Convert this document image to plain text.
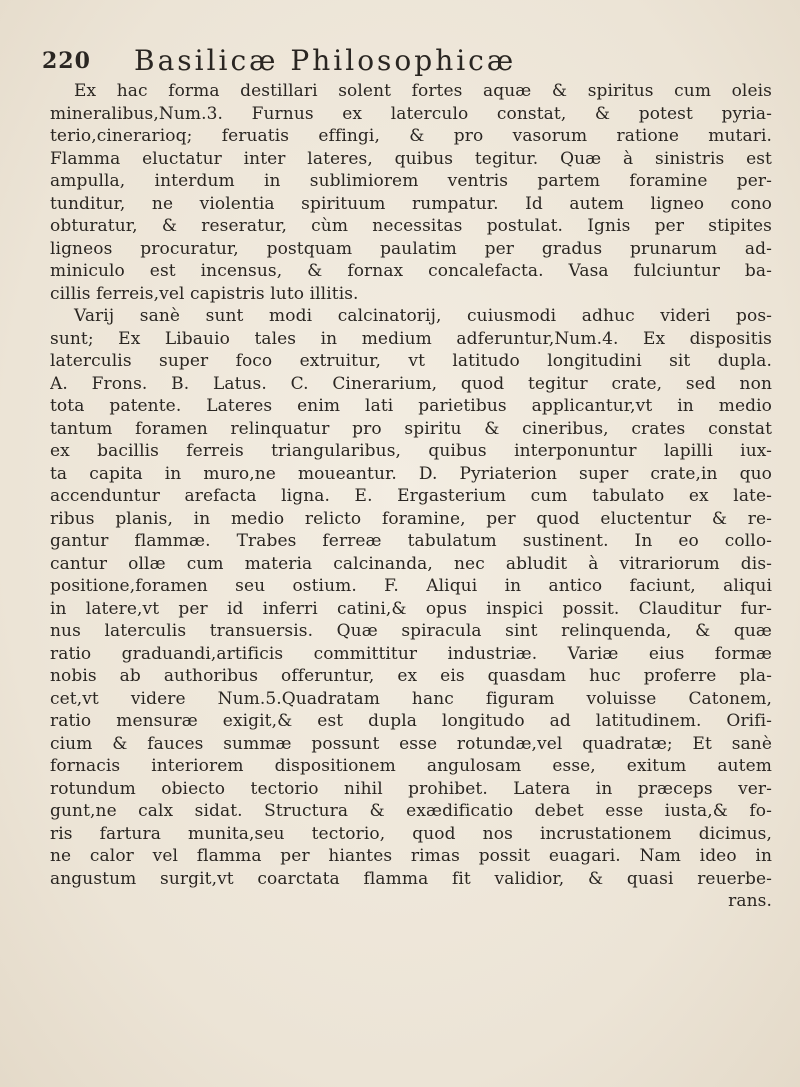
220 Basilicæ Philosophicæ
Ex hac forma destillari solent fortes aquæ & spiritus cum oleis
mineralibus,Num.3. Furnus ex laterculo constat, & potest pyria-
terio,cinerarioq; feruatis effingi, & pro vasorum ratione mutari.
Flamma eluctatur inter lateres, quibus tegitur. Quæ à sinistris est
ampulla, interdum in sublimiorem ventris partem foramine per-
tunditur, ne violentia spirituum rumpatur. Id autem ligneo cono
obturatur, & reseratur, cùm necessitas postulat. Ignis per stipites
ligneos procuratur, postquam paulatim per gradus prunarum ad-
miniculo est incensus, & fornax concalefacta. Vasa fulciuntur ba-
cillis ferreis,vel capistris luto illitis.
Varij sanè sunt modi calcinatorij, cuiusmodi adhuc videri pos-
sunt; Ex Libauio tales in medium adferuntur,Num.4. Ex dispositis
laterculis super foco extruitur, vt latitudo longitudini sit dupla.
A. Frons. B. Latus. C. Cinerarium, quod tegitur crate, sed non
tota patente. Lateres enim lati parietibus applicantur,vt in medio
tantum foramen relinquatur pro spiritu & cineribus, crates constat
ex bacillis ferreis triangularibus, quibus interponuntur lapilli iux-
ta capita in muro,ne moueantur. D. Pyriaterion super crate,in quo
accenduntur arefacta ligna. E. Ergasterium cum tabulato ex late-
ribus planis, in medio relicto foramine, per quod eluctentur & re-
gantur flammæ. Trabes ferreæ tabulatum sustinent. In eo collo-
cantur ollæ cum materia calcinanda, nec abludit à vitrariorum dis-
positione,foramen seu ostium. F. Aliqui in antico faciunt, aliqui
in latere,vt per id inferri catini,& opus inspici possit. Clauditur fur-
nus laterculis transuersis. Quæ spiracula sint relinquenda, & quæ
ratio graduandi,artificis committitur industriæ. Variæ eius formæ
nobis ab authoribus offeruntur, ex eis quasdam huc proferre pla-
cet,vt videre Num.5.Quadratam hanc figuram voluisse Catonem,
ratio mensuræ exigit,& est dupla longitudo ad latitudinem. Orifi-
cium & fauces summæ possunt esse rotundæ,vel quadratæ; Et sanè
fornacis interiorem dispositionem angulosam esse, exitum autem
rotundum obiecto tectorio nihil prohibet. Latera in præceps ver-
gunt,ne calx sidat. Structura & exædificatio debet esse iusta,& fo-
ris fartura munita,seu tectorio, quod nos incrustationem dicimus,
ne calor vel flamma per hiantes rimas possit euagari. Nam ideo in
angustum surgit,vt coarctata flamma fit validior, & quasi reuerbe-
rans.
